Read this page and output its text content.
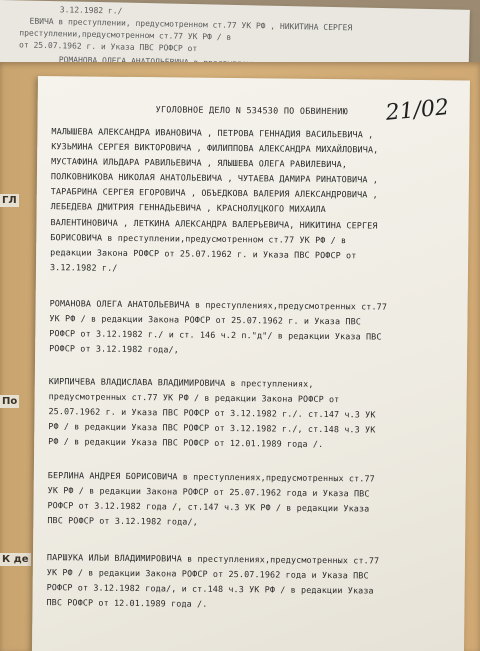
3.12.1982 г./
ЕВИЧА в преступлении, предусмотренном ст.77 УК РФ , НИКИТИНА СЕРГЕЯ
преступлении,предусмотренном ст.77 УК РФ / в
от 25.07.1962 г. и Указа ПВС РОФСР от
ГЛ
По
К де
УГОЛОВНОЕ ДЕЛО N 534530 ПО ОБВИНЕНИЮ 21/02
МАЛЫШЕВА АЛЕКСАНДРА ИВАНОВИЧА , ПЕТРОВА ГЕННАДИЯ ВАСИЛЬЕВИЧА ,
КУЗЬМИНА СЕРГЕЯ ВИКТОРОВИЧА , ФИЛИППОВА АЛЕКСАНДРА МИХАЙЛОВИЧА,
МУСТАФИНА ИЛЬДАРА РАВИЛЬЕВИЧА , ЯЛЫШЕВА ОЛЕГА РАВИЛЕВИЧА,
ПОЛКОВНИКОВА НИКОЛАЯ АНАТОЛЬЕВИЧА , ЧУТАЕВА ДАМИРА РИНАТОВИЧА ,
ТАРАБРИНА СЕРГЕЯ ЕГОРОВИЧА , ОБЪЕДКОВА ВАЛЕРИЯ АЛЕКСАНДРОВИЧА ,
ЛЕБЕДЕВА ДМИТРИЯ ГЕННАДЬЕВИЧА , КРАСНОЛУЦКОГО МИХАИЛА
ВАЛЕНТИНОВИЧА , ЛЕТКИНА АЛЕКСАНДРА ВАЛЕРЬЕВИЧА, НИКИТИНА СЕРГЕЯ
БОРИСОВИЧА в преступлении,предусмотренном ст.77 УК РФ / в
редакции Закона РОФСР от 25.07.1962 г. и Указа ПВС РОФСР от
3.12.1982 г./
РОМАНОВА ОЛЕГА АНАТОЛЬЕВИЧА в преступлениях,предусмотренных ст.77
УК РФ / в редакции Закона РОФСР от 25.07.1962 г. и Указа ПВС
РОФСР от 3.12.1982 г./ и ст. 146 ч.2 п."д"/ в редакции Указа ПВС
РОФСР от 3.12.1982 года/,
КИРПИЧЕВА ВЛАДИСЛАВА ВЛАДИМИРОВИЧА в преступлениях,
предусмотренных ст.77 УК РФ / в редакции Закона РОФСР от
25.07.1962 г. и Указа ПВС РОФСР от 3.12.1982 г./. ст.147 ч.3 УК
РФ / в редакции Указа ПВС РОФСР от 3.12.1982 г./, ст.148 ч.3 УК
РФ / в редакции Указа ПВС РОФСР от 12.01.1989 года /.
БЕРЛИНА АНДРЕЯ БОРИСОВИЧА в преступлениях,предусмотренных ст.77
УК РФ / в редакции Закона РОФСР от 25.07.1962 года и Указа ПВС
РОФСР от 3.12.1982 года /, ст.147 ч.3 УК РФ / в редакции Указа
ПВС РОФСР от 3.12.1982 года/,
ПАРШУКА ИЛЬИ ВЛАДИМИРОВИЧА в преступлениях,предусмотренных ст.77
УК РФ / в редакции Закона РОФСР от 25.07.1962 года и Указа ПВС
РОФСР от 3.12.1982 года/, и ст.148 ч.3 УК РФ / в редакции Указа
ПВС РОФСР от 12.01.1989 года /.
